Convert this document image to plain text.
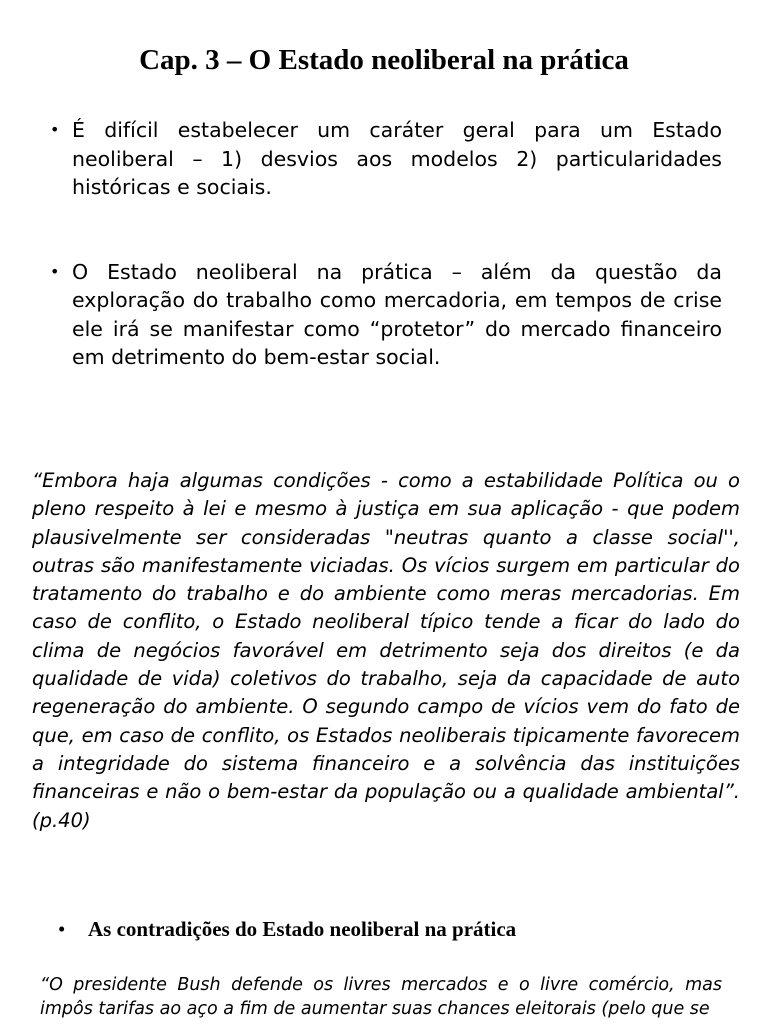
Cap. 3 – O Estado neoliberal na prática
• É difícil estabelecer um caráter geral para um Estado neoliberal – 1) desvios aos modelos 2) particularidades históricas e sociais.
• O Estado neoliberal na prática – além da questão da exploração do trabalho como mercadoria, em tempos de crise ele irá se manifestar como “protetor” do mercado financeiro em detrimento do bem-estar social.

“Embora haja algumas condições - como a estabilidade Política ou o pleno respeito à lei e mesmo à justiça em sua aplicação - que podem plausivelmente ser consideradas "neutras quanto a classe social'', outras são manifestamente viciadas. Os vícios surgem em particular do tratamento do trabalho e do ambiente como meras mercadorias. Em caso de conflito, o Estado neoliberal típico tende a ficar do lado do clima de negócios favorável em detrimento seja dos direitos (e da qualidade de vida) coletivos do trabalho, seja da capacidade de auto regeneração do ambiente. O segundo campo de vícios vem do fato de que, em caso de conflito, os Estados neoliberais tipicamente favorecem a integridade do sistema financeiro e a solvência das instituições financeiras e não o bem-estar da população ou a qualidade ambiental”. (p.40)

• As contradições do Estado neoliberal na prática

“O presidente Bush defende os livres mercados e o livre comércio, mas impôs tarifas ao aço a fim de aumentar suas chances eleitorais (pelo que se
